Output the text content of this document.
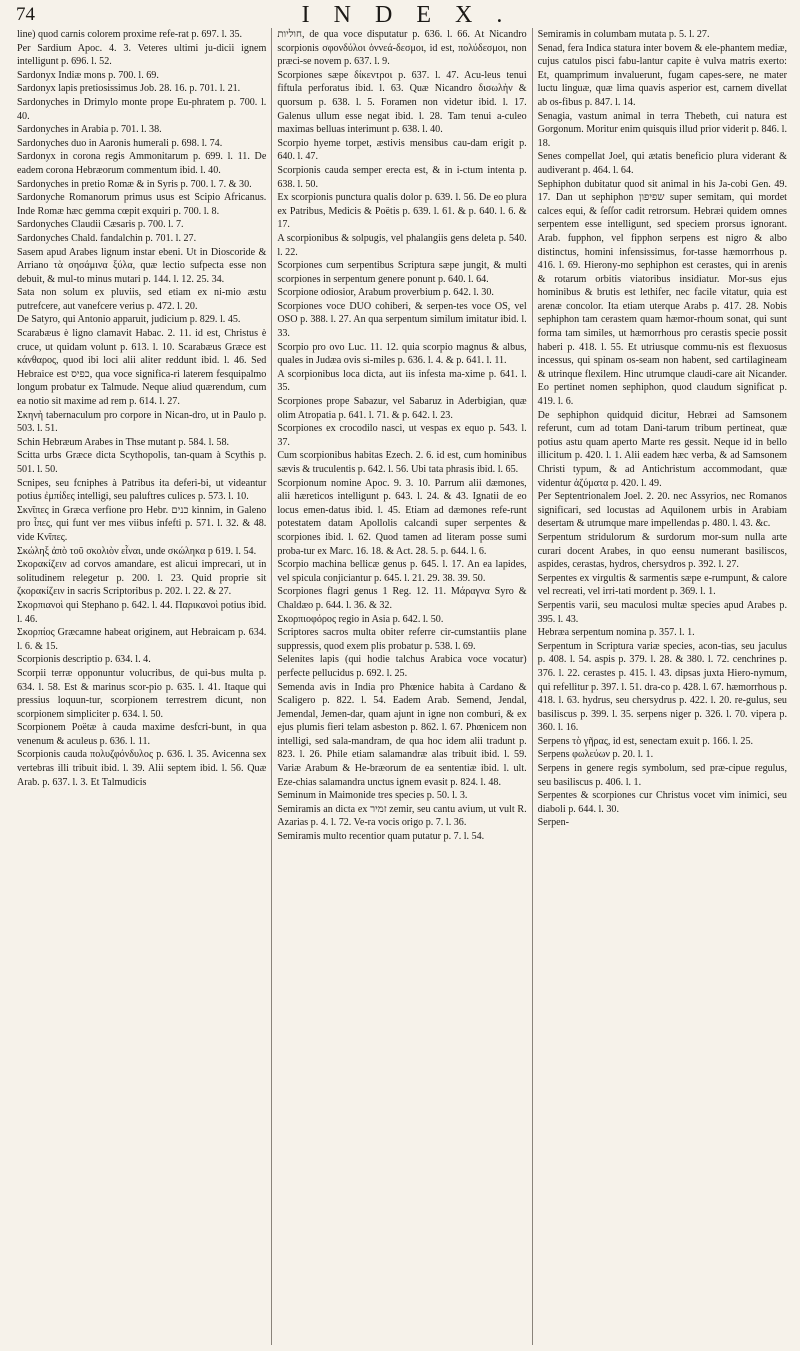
74	INDEX.

line) quod carnis colorem proxime refe-rat p. 697. l. 35.

Per Sardium Apoc. 4. 3. Veteres ultimi ju-dicii ignem intelligunt p. 696. l. 52.

Sardonyx Indiæ mons p. 700. l. 69.

Sardonyx lapis pretiosissimus Job. 28. 16. p. 701. l. 21.

Sardonyches in Drimylo monte prope Eu-phratem p. 700. l. 40.

Sardonyches in Arabia p. 701. l. 38.

Sardonyches duo in Aaronis humerali p. 698. l. 74.

Sardonyx in corona regis Ammonitarum p. 699. l. 11. De eadem corona Hebræorum commentum ibid. l. 40.

Sardonyches in pretio Romæ & in Syris p. 700. l. 7. & 30.

Sardonyche Romanorum primus usus est Scipio Africanus. Inde Romæ hæc gemma cœpit exquiri p. 700. l. 8.

Sardonyches Claudii Cæsaris p. 700. l. 7.

Sardonyches Chald. fandalchin p. 701. l. 27.

Sasem apud Arabes lignum instar ebeni. Ut in Dioscoride & Arriano τὰ σησάμινα ξύλα, quæ lectio sufpecta esse non debuit, & mul-to minus mutari p. 144. l. 12. 25. 34.

Sata non solum ex pluviis, sed etiam ex ni-mio æstu putrefcere, aut vanefcere verius p. 472. l. 20.

De Satyro, qui Antonio apparuit, judicium p. 829. l. 45.

Scarabæus è ligno clamavit Habac. 2. 11. id est, Christus è cruce, ut quidam volunt p. 613. l. 10. Scarabæus Græce est κάνθαρος, quod ibi loci alii aliter reddunt ibid. l. 46. Sed Hebraice est כפיס, qua voce significa-ri laterem fesquipalmo longum probatur ex Talmude. Neque aliud quærendum, cum ea notio sit maxime ad rem p. 614. l. 27.

Σκηνὴ tabernaculum pro corpore in Nican-dro, ut in Paulo p. 503. l. 51.

Schin Hebræum Arabes in Thse mutant p. 584. l. 58.

Scitta urbs Græce dicta Scythopolis, tan-quam à Scythis p. 501. l. 50.

Scnipes, seu fcniphes à Patribus ita deferi-bi, ut videantur potius ἐμπίδες intelligi, seu paluftres culices p. 573. l. 10.

Σκνῖπες in Græca verfione pro Hebr. כנים kinnim, in Galeno pro ἶπες, qui funt ver mes viibus infefti p. 571. l. 32. & 48. vide Κνῖπες.

Σκώληξ ἀπὸ τοῦ σκολιὸν εἶναι, unde σκώληκα p 619. l. 54.

Σκορακίζειν ad corvos amandare, est alicui imprecari, ut in solitudinem relegetur p. 200. l. 23. Quid proprie sit ζκορακίζειν in sacris Scriptoribus p. 202. l. 22. & 27.

Σκορπιανοὶ qui Stephano p. 642. l. 44. Παρικανοὶ potius ibid. l. 46.

Σκορπίος Græcamne habeat originem, aut Hebraicam p. 634. l. 6. & 15.

Scorpionis descriptio p. 634. l. 4.

Scorpii terræ opponuntur volucribus, de qui-bus multa p. 634. l. 58. Est & marinus scor-pio p. 635. l. 41. Itaque qui pressius loquun-tur, scorpionem terrestrem dicunt, non scorpionem simpliciter p. 634. l. 50.

Scorpionem Poëtæ à cauda maxime desfcri-bunt, in qua venenum & aculeus p. 636. l. 11.

Scorpionis cauda πολυζφόνδυλος p. 636. l. 35. Avicenna sex vertebras illi tribuit ibid. l. 39. Alii septem ibid. l. 56. Quæ Arab. p. 637. l. 3. Et Talmudicis

חוליות, de qua voce disputatur p. 636. l. 66. At Nicandro scorpionis σφονδύλοι ὀννεά-δεσμοι, id est, πολύδεσμοι, non præci-se novem p. 637. l. 9.

Scorpiones sæpe δίκεντροι p. 637. l. 47. Acu-leus tenui fiftula perforatus ibid. l. 63. Quæ Nicandro δισωλὴν & quorsum p. 638. l. 5. Foramen non videtur ibid. l. 17. Galenus ullum esse negat ibid. l. 28. Tam tenui a-culeo maximas belluas interimunt p. 638. l. 40.

Scorpio hyeme torpet, æstivis mensibus cau-dam erigit p. 640. l. 47.

Scorpionis cauda semper erecta est, & in i-ctum intenta p. 638. l. 50.

Ex scorpionis punctura qualis dolor p. 639. l. 56. De eo plura ex Patribus, Medicis & Poëtis p. 639. l. 61. & p. 640. l. 6. & 17.

A scorpionibus & solpugis, vel phalangiis gens deleta p. 540. l. 22.

Scorpiones cum serpentibus Scriptura sæpe jungit, & multi scorpiones in serpentum genere ponunt p. 640. l. 64.

Scorpione odiosior, Arabum proverbium p. 642. l. 30.

Scorpiones voce DUO cohiberi, & serpen-tes voce OS, vel OSO p. 388. l. 27. An qua serpentum similum imitatur ibid. l. 33.

Scorpio pro ovo Luc. 11. 12. quia scorpio magnus & albus, quales in Judæa ovis si-miles p. 636. l. 4. & p. 641. l. 11.

A scorpionibus loca dicta, aut iis infesta ma-xime p. 641. l. 35.

Scorpiones prope Sabazur, vel Sabaruz in Aderbigian, quæ olim Atropatia p. 641. l. 71. & p. 642. l. 23.

Scorpiones ex crocodilo nasci, ut vespas ex equo p. 543. l. 37.

Cum scorpionibus habitas Ezech. 2. 6. id est, cum hominibus sævis & truculentis p. 642. l. 56. Ubi tata phrasis ibid. l. 65.

Scorpionum nomine Apoc. 9. 3. 10. Parrum alii dæmones, alii hæreticos intelligunt p. 643. l. 24. & 43. Ignatii de eo locus emen-datus ibid. l. 45. Etiam ad dæmones refe-runt potestatem datam Apollolis calcandi super serpentes & scorpiones ibid. l. 62. Quod tamen ad literam posse sumi proba-tur ex Marc. 16. 18. & Act. 28. 5. p. 644. l. 6.

Scorpio machina bellicæ genus p. 645. l. 17. An ea lapides, vel spicula conjiciantur p. 645. l. 21. 29. 38. 39. 50.

Scorpiones flagri genus 1 Reg. 12. 11. Μάραγνα Syro & Chaldæo p. 644. l. 36. & 32.

Σκορπιοφόρος regio in Asia p. 642. l. 50.

Scriptores sacros multa obiter referre cir-cumstantiis plane suppressis, quod exem plis probatur p. 538. l. 69.

Selenites lapis (qui hodie talchus Arabica voce vocatur) perfecte pellucidus p. 692. l. 25.

Semenda avis in India pro Phœnice habita à Cardano & Scaligero p. 822. l. 54. Eadem Arab. Semend, Jendal, Jemendal, Jemen-dar, quam ajunt in igne non comburi, & ex ejus plumis fieri telam asbeston p. 862. l. 67. Phœnicem non intelligi, sed sala-mandram, de qua hoc idem alii tradunt p. 823. l. 26. Phile etiam salamandræ alas tribuit ibid. l. 59. Variæ Arabum & He-bræorum de ea sententiæ ibid. l. ult. Eze-chias salamandra unctus ignem evasit p. 824. l. 48.

Seminum in Maimonide tres species p. 50. l. 3.

Semiramis an dicta ex זמיר zemir, seu cantu avium, ut vult R. Azarias p. 4. l. 72. Ve-ra vocis origo p. 7. l. 36.

Semiramis multo recentior quam putatur p. 7. l. 54.

Semiramis in columbam mutata p. 5. l. 27.

Senad, fera Indica statura inter bovem & ele-phantem mediæ, cujus catulos pisci fabu-lantur capite è vulva matris exerto: Et, quamprimum invaluerunt, fugam capes-sere, ne mater luctu linguæ, quæ lima quavis asperior est, carnem divellat ab os-fibus p. 847. l. 14.

Senagia, vastum animal in terra Thebeth, cui natura est Gorgonum. Moritur enim quisquis illud prior viderit p. 846. l. 18.

Senes compellat Joel, qui ætatis beneficio plura viderant & audiverant p. 464. l. 64.

Sephiphon dubitatur quod sit animal in his Ja-cobi Gen. 49. 17. Dan ut sephiphon שפיפון super semitam, qui mordet calces equi, & ſeſſor cadit retrorsum. Hebræi quidem omnes serpentem esse intelligunt, sed speciem prorsus ignorant. Arab. fupphon, vel fipphon serpens est nigro & albo distinctus, homini infensissimus, for-tasse hæmorrhous p. 416. l. 69. Hierony-mo sephiphon est cerastes, qui in arenis & rotarum orbitis viatoribus insidiatur. Mor-sus ejus hominibus & brutis est lethifer, nec facile vitatur, quia est arenæ concolor. Ita etiam uterque Arabs p. 417. 28. Nobis sephiphon tam cerastem quam hæmor-rhoum sonat, qui sunt forma tam similes, ut hæmorrhous pro cerastis specie possit haberi p. 418. l. 55. Et utriusque commu-nis est flexuosus incessus, qui spinam os-seam non habent, sed cartilagineam & utrinque flexilem. Hinc utrumque claudi-care ait Nicander. Eo pertinet nomen sephiphon, quod claudum significat p. 419. l. 6.

De sephiphon quidquid dicitur, Hebræi ad Samsonem referunt, cum ad totam Dani-tarum tribum pertineat, quæ potius astu quam aperto Marte res gessit. Neque id in bello illicitum p. 420. l. 1. Alii eadem hæc verba, & ad Samsonem Christi typum, & ad Antichristum accommodant, quæ videntur ἀζύματα p. 420. l. 49.

Per Septentrionalem Joel. 2. 20. nec Assyrios, nec Romanos significari, sed locustas ad Aquilonem urbis in Arabiam desertam & utrumque mare impellendas p. 480. l. 43. &c.

Serpentum stridulorum & surdorum mor-sum nulla arte curari docent Arabes, in quo eensu numerant basiliscos, aspides, cerastas, hydros, chersydros p. 392. l. 27.

Serpentes ex virgultis & sarmentis sæpe e-rumpunt, & calore vel recreati, vel irri-tati mordent p. 369. l. 1.

Serpentis varii, seu maculosi multæ species apud Arabes p. 395. l. 43.

Hebræa serpentum nomina p. 357. l. 1.

Serpentum in Scriptura variæ species, acon-tias, seu jaculus p. 408. l. 54. aspis p. 379. l. 28. & 380. l. 72. cenchrines p. 376. l. 22. cerastes p. 415. l. 43. dipsas juxta Hiero-nymum, qui refellitur p. 397. l. 51. dra-co p. 428. l. 67. hæmorrhous p. 418. l. 63. hydrus, seu chersydrus p. 422. l. 20. re-gulus, seu basiliscus p. 399. l. 35. serpens niger p. 326. l. 70. vipera p. 360. l. 16.

Serpens τὸ γῆρας, id est, senectam exuit p. 166. l. 25.

Serpens φωλεύων p. 20. l. 1.

Serpens in genere regis symbolum, sed præ-cipue regulus, seu basiliscus p. 406. l. 1.

Serpentes & scorpiones cur Christus vocet vim inimici, seu diaboli p. 644. l. 30.

Serpen-
